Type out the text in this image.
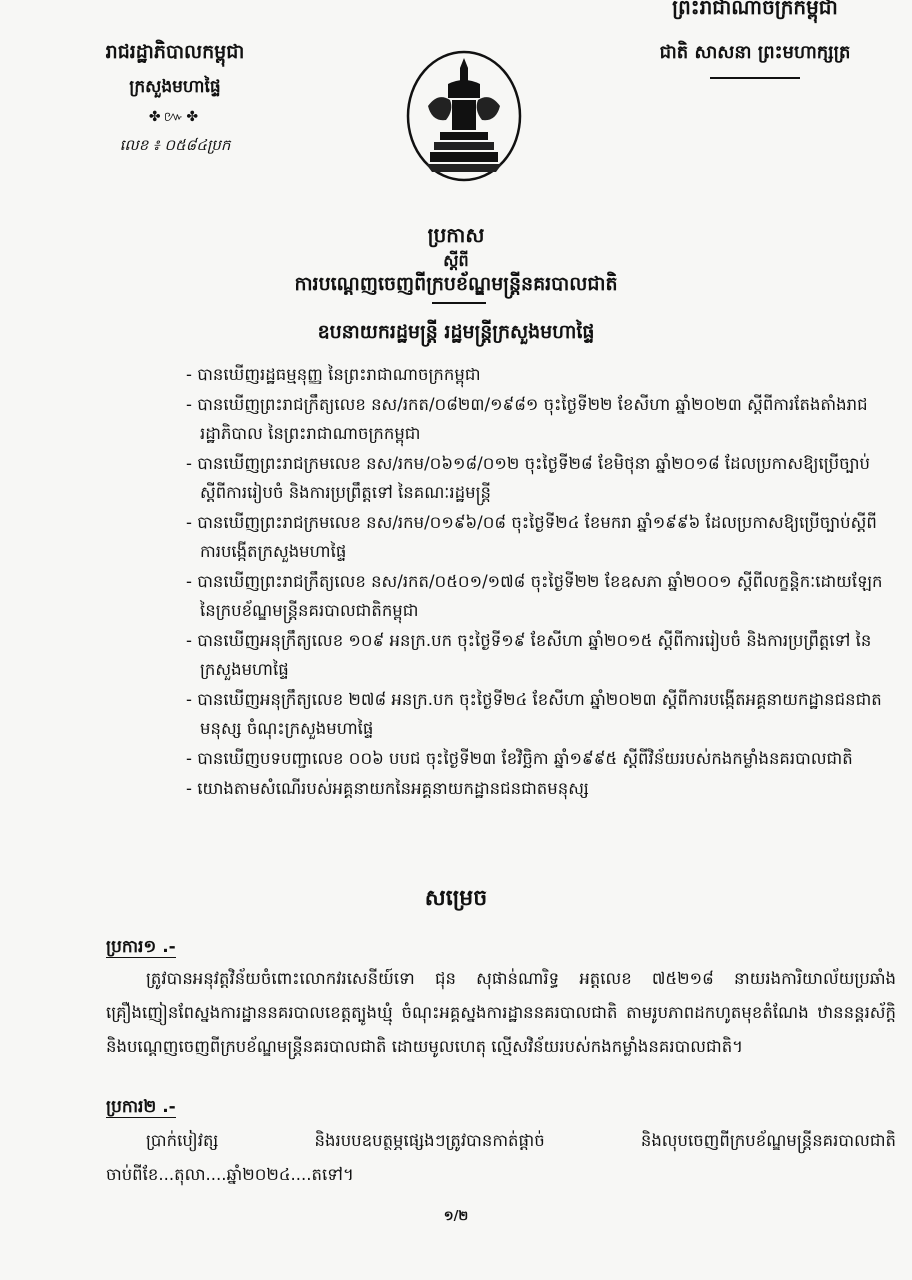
រាជរដ្ឋាភិបាលកម្ពុជា
ក្រសួងមហាផ្ទៃ
✤៚✤
លេខ ៖ ០៥៨៤ប្រក
ព្រះរាជាណាចក្រកម្ពុជា
ជាតិ សាសនា ព្រះមហាក្សត្រ
ប្រកាស
ស្តីពី
ការបណ្តេញចេញពីក្របខ័ណ្ឌមន្ត្រីនគរបាលជាតិ
ឧបនាយករដ្ឋមន្ត្រី រដ្ឋមន្ត្រីក្រសួងមហាផ្ទៃ
- បានឃើញរដ្ឋធម្មនុញ្ញ នៃព្រះរាជាណាចក្រកម្ពុជា
- បានឃើញព្រះរាជក្រឹត្យលេខ នស/រកត/០៨២៣/១៩៨១ ចុះថ្ងៃទី២២ ខែសីហា ឆ្នាំ២០២៣ ស្តីពីការតែងតាំងរាជរដ្ឋាភិបាល នៃព្រះរាជាណាចក្រកម្ពុជា
- បានឃើញព្រះរាជក្រមលេខ នស/រកម/០៦១៨/០១២ ចុះថ្ងៃទី២៨ ខែមិថុនា ឆ្នាំ២០១៨ ដែលប្រកាសឱ្យប្រើច្បាប់ស្តីពីការរៀបចំ និងការប្រព្រឹត្តទៅ នៃគណៈរដ្ឋមន្ត្រី
- បានឃើញព្រះរាជក្រមលេខ នស/រកម/០១៩៦/០៨ ចុះថ្ងៃទី២៤ ខែមករា ឆ្នាំ១៩៩៦ ដែលប្រកាសឱ្យប្រើច្បាប់ស្តីពីការបង្កើតក្រសួងមហាផ្ទៃ
- បានឃើញព្រះរាជក្រឹត្យលេខ នស/រកត/០៥០១/១៧៨ ចុះថ្ងៃទី២២ ខែឧសភា ឆ្នាំ២០០១ ស្តីពីលក្ខន្តិកៈដោយឡែក នៃក្របខ័ណ្ឌមន្ត្រីនគរបាលជាតិកម្ពុជា
- បានឃើញអនុក្រឹត្យលេខ ១០៩ អនក្រ.បក ចុះថ្ងៃទី១៩ ខែសីហា ឆ្នាំ២០១៥ ស្តីពីការរៀបចំ និងការប្រព្រឹត្តទៅ នៃក្រសួងមហាផ្ទៃ
- បានឃើញអនុក្រឹត្យលេខ ២៧៨ អនក្រ.បក ចុះថ្ងៃទី២៤ ខែសីហា ឆ្នាំ២០២៣ ស្តីពីការបង្កើតអគ្គនាយកដ្ឋានជនជាតមនុស្ស ចំណុះក្រសួងមហាផ្ទៃ
- បានឃើញបទបញ្ជាលេខ ០០៦ បបជ ចុះថ្ងៃទី២៣ ខែវិច្ឆិកា ឆ្នាំ១៩៩៥ ស្តីពីវិន័យរបស់កងកម្លាំងនគរបាលជាតិ
- យោងតាមសំណើរបស់អគ្គនាយកនៃអគ្គនាយកដ្ឋានជនជាតមនុស្ស
សម្រេច
ប្រការ១ .-
ត្រូវបានអនុវត្តវិន័យចំពោះលោកវរសេនីយ៍ទោ ជុន សុផាន់ណារិទ្ធ អត្តលេខ ៧៥២១៨ នាយរងការិយាល័យប្រឆាំងគ្រឿងញៀនពែស្នងការដ្ឋាននគរបាលខេត្តត្បូងឃ្មុំ ចំណុះអគ្គស្នងការដ្ឋាននគរបាលជាតិ តាមរូបភាពដកហូតមុខតំណែង ឋាននន្តរស័ក្តិ និងបណ្តេញចេញពីក្របខ័ណ្ឌមន្ត្រីនគរបាលជាតិ ដោយមូលហេតុ ល្មើសវិន័យរបស់កងកម្លាំងនគរបាលជាតិ។
ប្រការ២ .-
ប្រាក់បៀវត្ស និងរបបឧបត្ថម្ភផ្សេងៗត្រូវបានកាត់ផ្តាច់ និងលុបចេញពីក្របខ័ណ្ឌមន្ត្រីនគរបាលជាតិ ចាប់ពីខែ...តុលា....ឆ្នាំ២០២៤....តទៅ។
១/២
